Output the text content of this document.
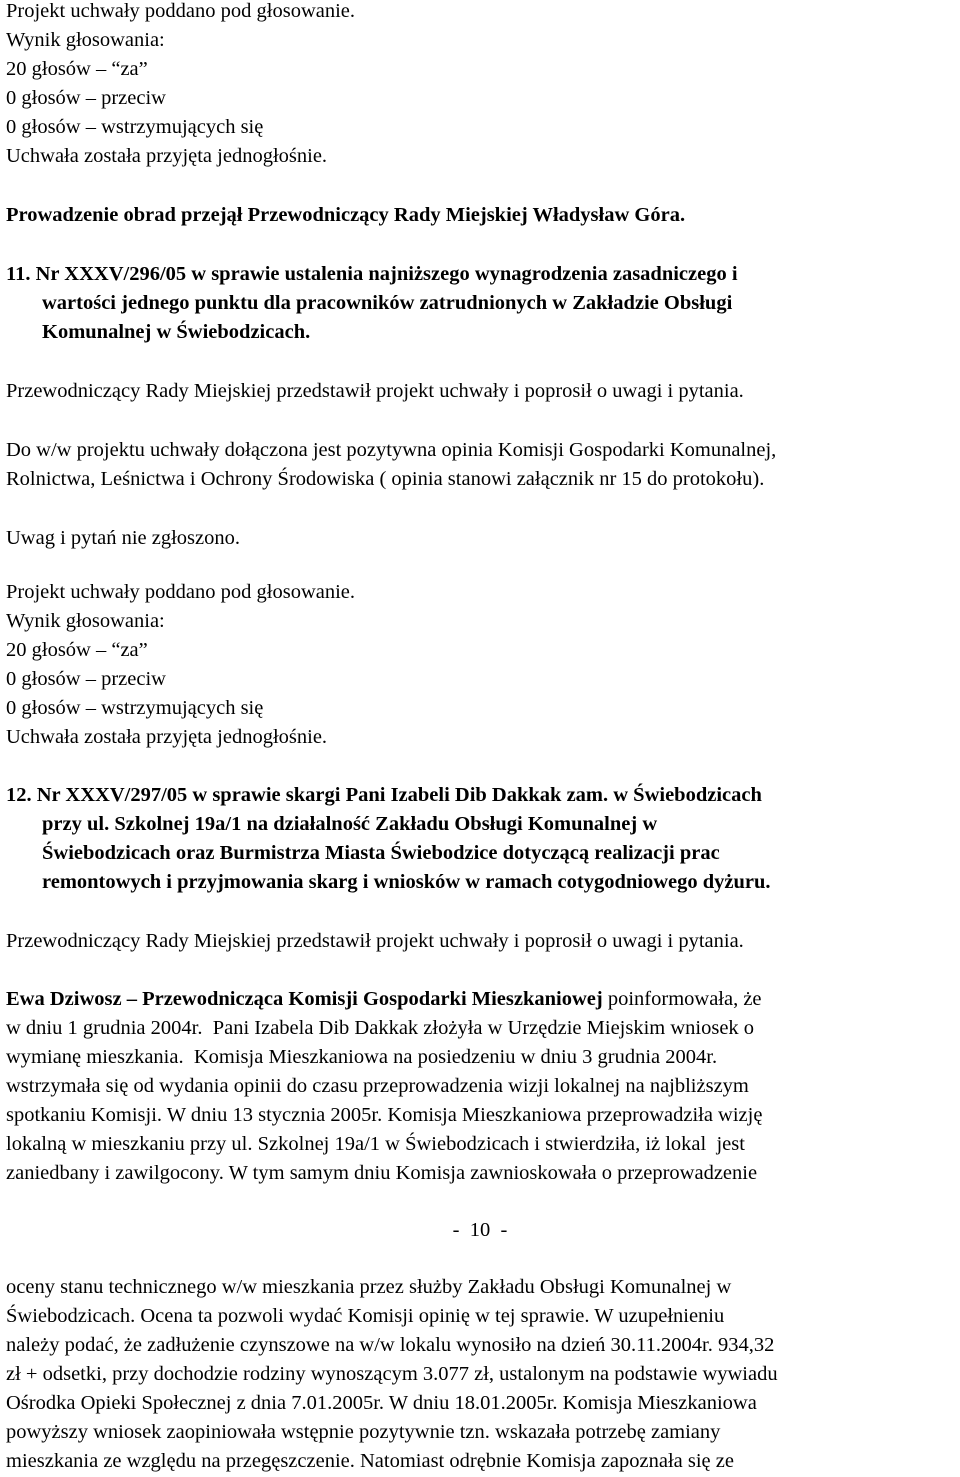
Projekt uchwały poddano pod głosowanie.
Wynik głosowania:
20 głosów – “za”
0 głosów – przeciw
0 głosów – wstrzymujących się
Uchwała została przyjęta jednogłośnie.
Prowadzenie obrad przejął Przewodniczący Rady Miejskiej Władysław Góra.
11. Nr XXXV/296/05 w sprawie ustalenia najniższego wynagrodzenia zasadniczego i
wartości jednego punktu dla pracowników zatrudnionych w Zakładzie Obsługi
Komunalnej w Świebodzicach.
Przewodniczący Rady Miejskiej przedstawił projekt uchwały i poprosił o uwagi i pytania.
Do w/w projektu uchwały dołączona jest pozytywna opinia Komisji Gospodarki Komunalnej,
Rolnictwa, Leśnictwa i Ochrony Środowiska ( opinia stanowi załącznik nr 15 do protokołu).
Uwag i pytań nie zgłoszono.
Projekt uchwały poddano pod głosowanie.
Wynik głosowania:
20 głosów – “za”
0 głosów – przeciw
0 głosów – wstrzymujących się
Uchwała została przyjęta jednogłośnie.
12. Nr XXXV/297/05 w sprawie skargi Pani Izabeli Dib Dakkak zam. w Świebodzicach
przy ul. Szkolnej 19a/1 na działalność Zakładu Obsługi Komunalnej w
Świebodzicach oraz Burmistrza Miasta Świebodzice dotyczącą realizacji prac
remontowych i przyjmowania skarg i wniosków w ramach cotygodniowego dyżuru.
Przewodniczący Rady Miejskiej przedstawił projekt uchwały i poprosił o uwagi i pytania.
Ewa Dziwosz – Przewodnicząca Komisji Gospodarki Mieszkaniowej poinformowała, że
w dniu 1 grudnia 2004r.  Pani Izabela Dib Dakkak złożyła w Urzędzie Miejskim wniosek o
wymianę mieszkania.  Komisja Mieszkaniowa na posiedzeniu w dniu 3 grudnia 2004r.
wstrzymała się od wydania opinii do czasu przeprowadzenia wizji lokalnej na najbliższym
spotkaniu Komisji. W dniu 13 stycznia 2005r. Komisja Mieszkaniowa przeprowadziła wizję
lokalną w mieszkaniu przy ul. Szkolnej 19a/1 w Świebodzicach i stwierdziła, iż lokal  jest
zaniedbany i zawilgocony. W tym samym dniu Komisja zawnioskowała o przeprowadzenie
-  10  -
oceny stanu technicznego w/w mieszkania przez służby Zakładu Obsługi Komunalnej w
Świebodzicach. Ocena ta pozwoli wydać Komisji opinię w tej sprawie. W uzupełnieniu
należy podać, że zadłużenie czynszowe na w/w lokalu wynosiło na dzień 30.11.2004r. 934,32
zł + odsetki, przy dochodzie rodziny wynoszącym 3.077 zł, ustalonym na podstawie wywiadu
Ośrodka Opieki Społecznej z dnia 7.01.2005r. W dniu 18.01.2005r. Komisja Mieszkaniowa
powyższy wniosek zaopiniowała wstępnie pozytywnie tzn. wskazała potrzebę zamiany
mieszkania ze względu na przegęszczenie. Natomiast odrębnie Komisja zapoznała się ze
